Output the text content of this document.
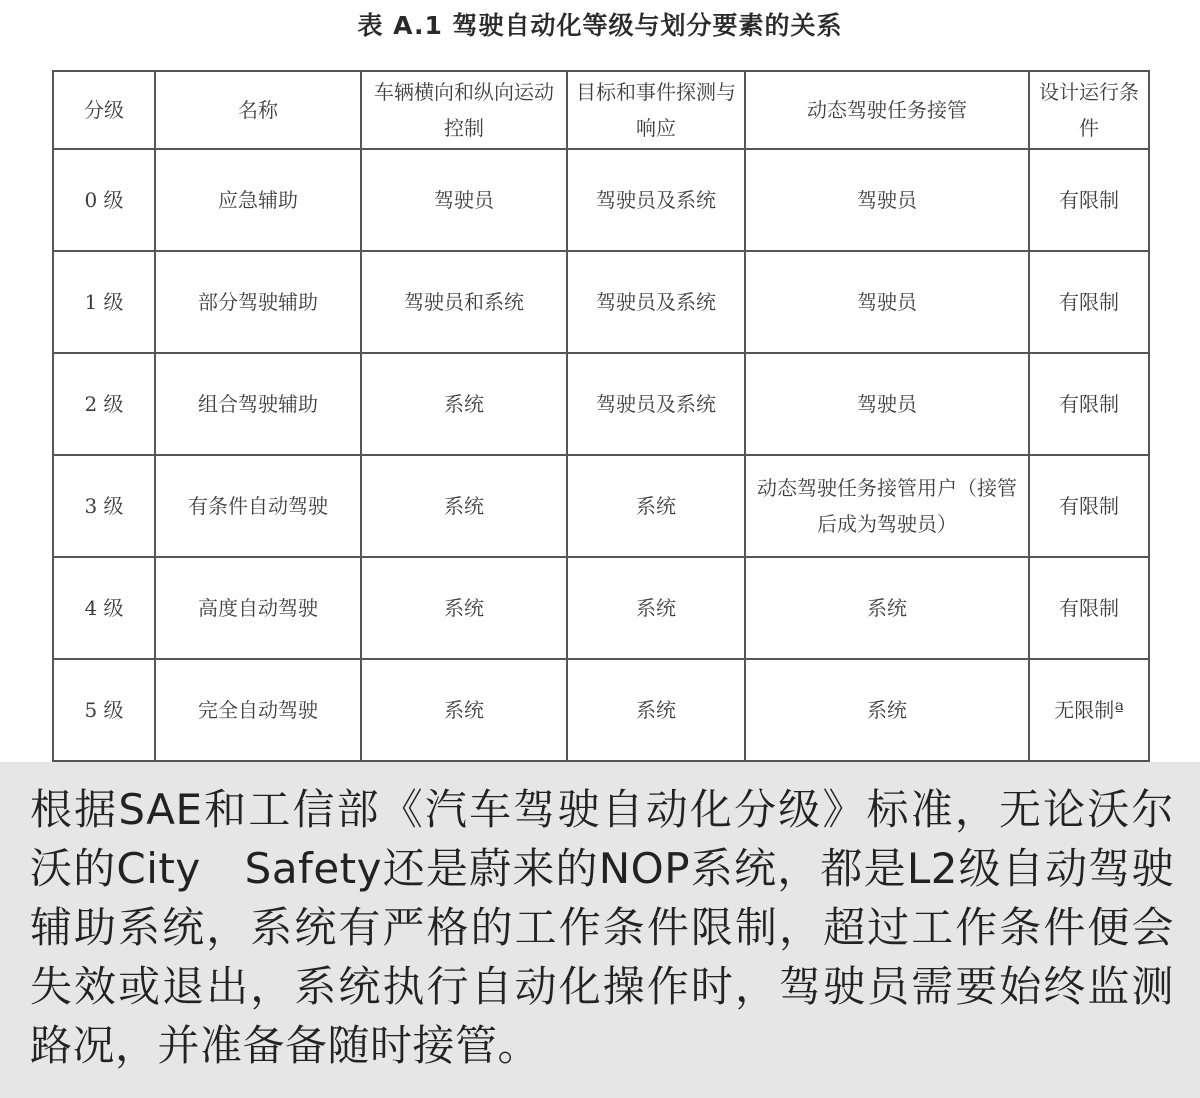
表 A.1 驾驶自动化等级与划分要素的关系
分级	名称	车辆横向和纵向运动控制	目标和事件探测与响应	动态驾驶任务接管	设计运行条件
0 级	应急辅助	驾驶员	驾驶员及系统	驾驶员	有限制
1 级	部分驾驶辅助	驾驶员和系统	驾驶员及系统	驾驶员	有限制
2 级	组合驾驶辅助	系统	驾驶员及系统	驾驶员	有限制
3 级	有条件自动驾驶	系统	系统	动态驾驶任务接管用户（接管后成为驾驶员）	有限制
4 级	高度自动驾驶	系统	系统	系统	有限制
5 级	完全自动驾驶	系统	系统	系统	无限制ª
根据SAE和工信部《汽车驾驶自动化分级》标准，无论沃尔沃的City　Safety还是蔚来的NOP系统，都是L2级自动驾驶辅助系统，系统有严格的工作条件限制，超过工作条件便会失效或退出，系统执行自动化操作时，驾驶员需要始终监测路况，并准备备随时接管。
